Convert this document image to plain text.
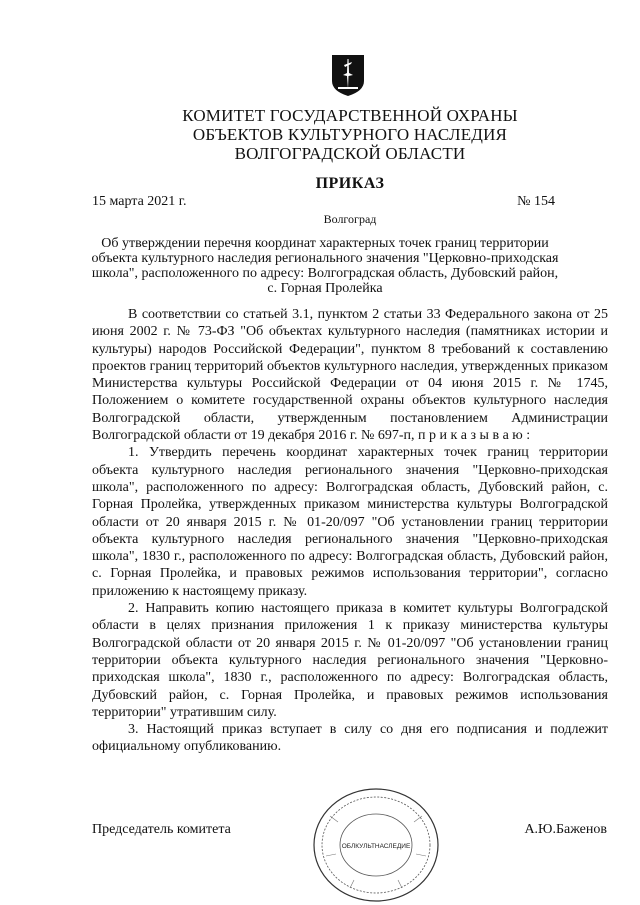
КОМИТЕТ ГОСУДАРСТВЕННОЙ ОХРАНЫ
ОБЪЕКТОВ КУЛЬТУРНОГО НАСЛЕДИЯ
ВОЛГОГРАДСКОЙ ОБЛАСТИ
ПРИКАЗ
15 марта 2021 г.	№ 154
Волгоград
Об утверждении перечня координат характерных точек границ территории
объекта культурного наследия регионального значения "Церковно-приходская
школа", расположенного по адресу: Волгоградская область, Дубовский район,
с. Горная Пролейка

В соответствии со статьей 3.1, пунктом 2 статьи 33 Федерального закона от 25 июня 2002 г. № 73-ФЗ "Об объектах культурного наследия (памятниках истории и культуры) народов Российской Федерации", пунктом 8 требований к составлению проектов границ территорий объектов культурного наследия, утвержденных приказом Министерства культуры Российской Федерации от 04 июня 2015 г. № 1745, Положением о комитете государственной охраны объектов культурного наследия Волгоградской области, утвержденным постановлением Администрации Волгоградской области от 19 декабря 2016 г. № 697-п, п р и к а з ы в а ю :

1. Утвердить перечень координат характерных точек границ территории объекта культурного наследия регионального значения "Церковно-приходская школа", расположенного по адресу: Волгоградская область, Дубовский район, с. Горная Пролейка, утвержденных приказом министерства культуры Волгоградской области от 20 января 2015 г. № 01-20/097 "Об установлении границ территории объекта культурного наследия регионального значения "Церковно-приходская школа", 1830 г., расположенного по адресу: Волгоградская область, Дубовский район, с. Горная Пролейка, и правовых режимов использования территории", согласно приложению к настоящему приказу.

2. Направить копию настоящего приказа в комитет культуры Волгоградской области в целях признания приложения 1 к приказу министерства культуры Волгоградской области от 20 января 2015 г. № 01-20/097 "Об установлении границ территории объекта культурного наследия регионального значения "Церковно-приходская школа", 1830 г., расположенного по адресу: Волгоградская область, Дубовский район, с. Горная Пролейка, и правовых режимов использования территории" утратившим силу.

3. Настоящий приказ вступает в силу со дня его подписания и подлежит официальному опубликованию.

ОБЛКУЛЬТНАСЛЕДИЕ
Председатель комитета	А.Ю.Баженов
